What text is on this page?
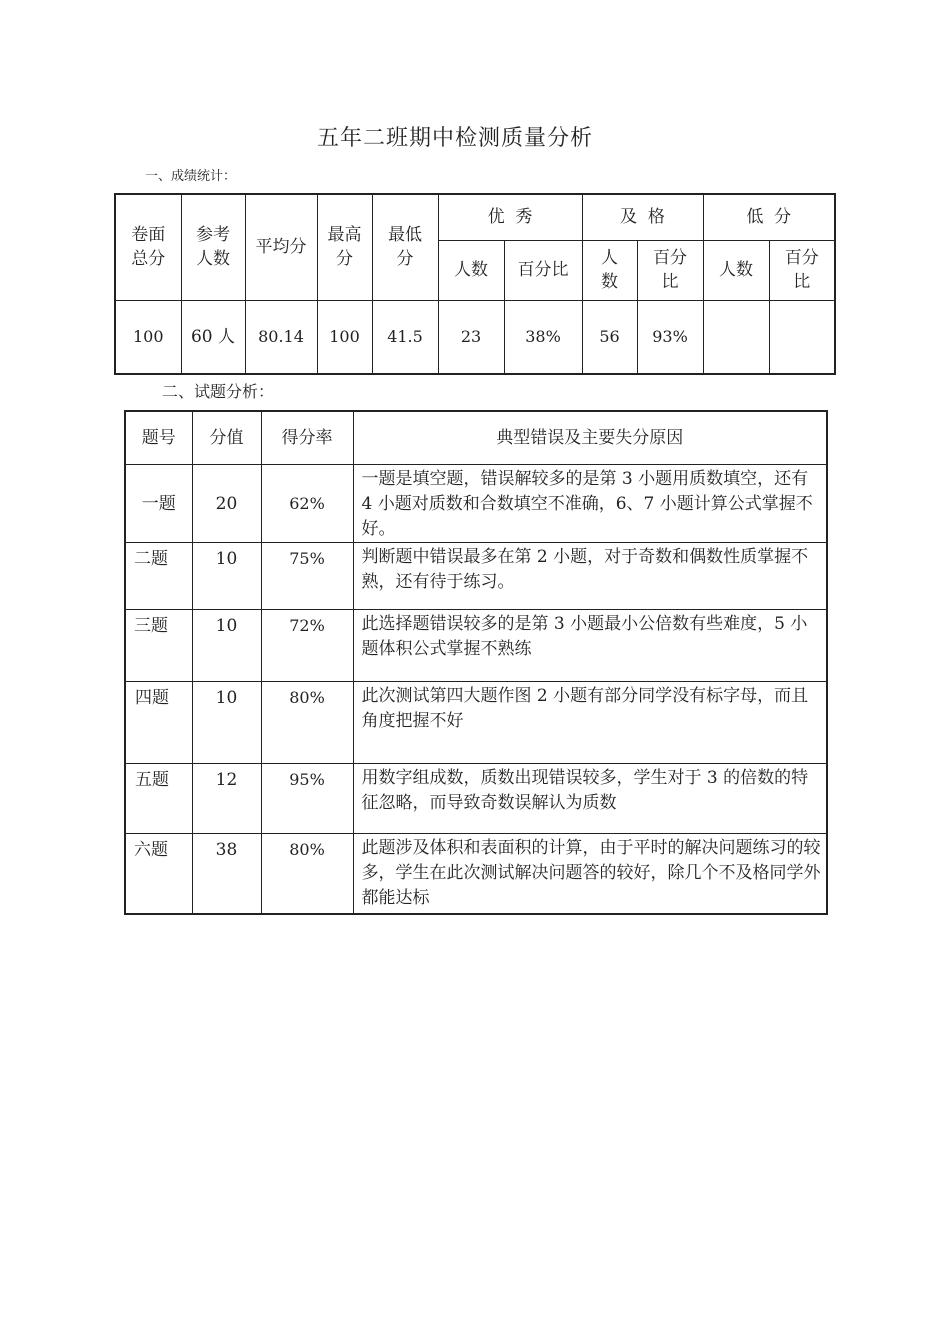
五年二班期中检测质量分析
一、成绩统计：
卷面总分	参考人数	平均分	最高分	最低分	优  秀		及  格		低  分	
					人数	百分比	人数	百分比	人数	百分比
100	60 人	80.14	100	41.5	23	38%	56	93%		
二、试题分析：
题号	分值	得分率	典型错误及主要失分原因
一题	20	62%	一题是填空题，错误解较多的是第 3 小题用质数填空，还有 4 小题对质数和合数填空不准确，6、7 小题计算公式掌握不好。
二题	10	75%	判断题中错误最多在第 2 小题，对于奇数和偶数性质掌握不熟，还有待于练习。
三题	10	72%	此选择题错误较多的是第 3 小题最小公倍数有些难度，5 小题体积公式掌握不熟练
四题	10	80%	此次测试第四大题作图 2 小题有部分同学没有标字母，而且角度把握不好
五题	12	95%	用数字组成数，质数出现错误较多，学生对于 3 的倍数的特征忽略，而导致奇数误解认为质数
六题	38	80%	此题涉及体积和表面积的计算，由于平时的解决问题练习的较多，学生在此次测试解决问题答的较好，除几个不及格同学外都能达标
